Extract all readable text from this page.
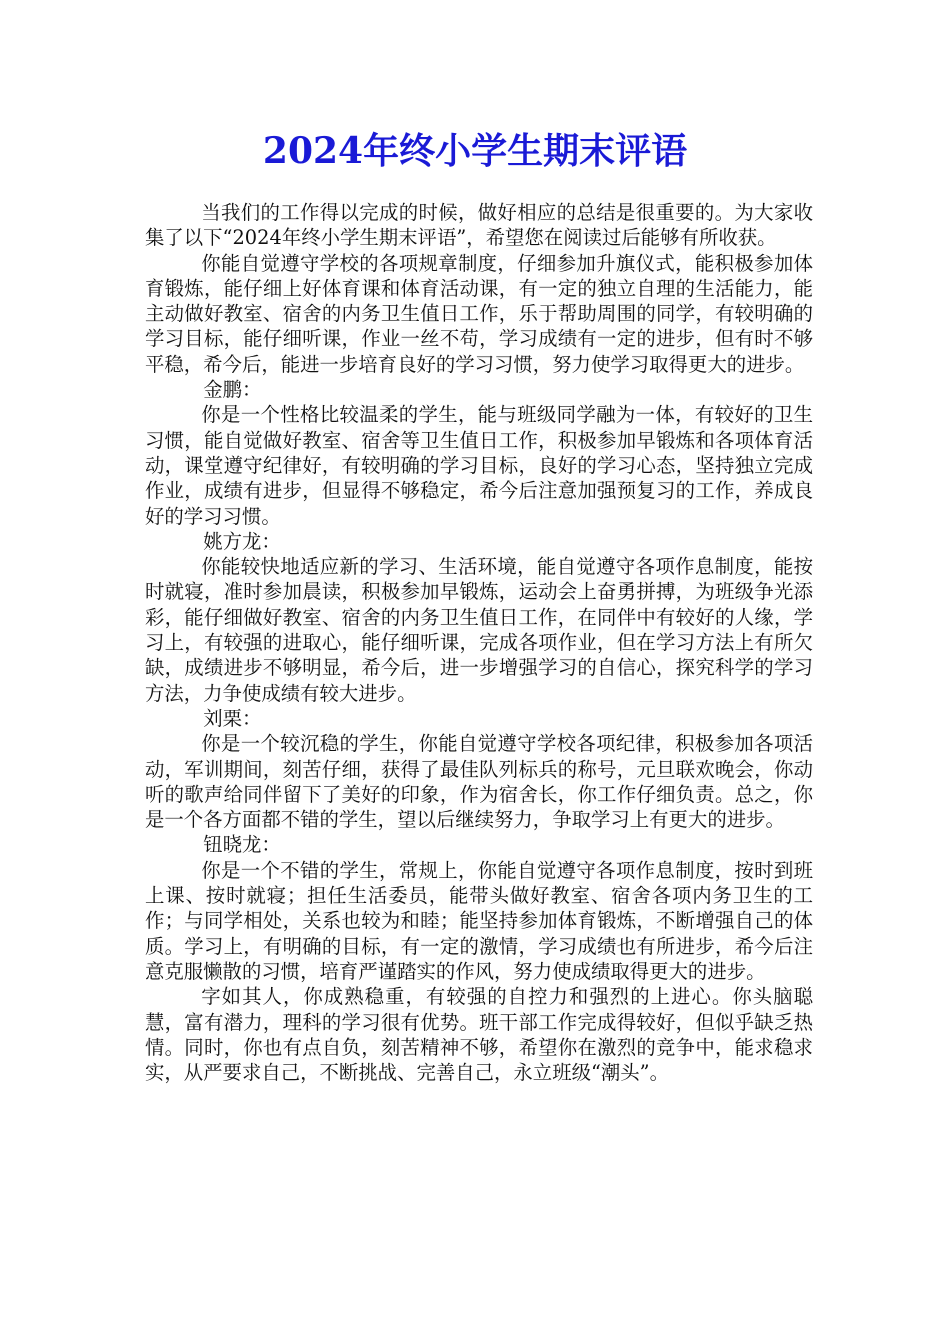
2024年终小学生期末评语

当我们的工作得以完成的时候，做好相应的总结是很重要的。为大家收集了以下“2024年终小学生期末评语”，希望您在阅读过后能够有所收获。

你能自觉遵守学校的各项规章制度，仔细参加升旗仪式，能积极参加体育锻炼，能仔细上好体育课和体育活动课，有一定的独立自理的生活能力，能主动做好教室、宿舍的内务卫生值日工作，乐于帮助周围的同学，有较明确的学习目标，能仔细听课，作业一丝不苟，学习成绩有一定的进步，但有时不够平稳，希今后，能进一步培育良好的学习习惯，努力使学习取得更大的进步。

金鹏：

你是一个性格比较温柔的学生，能与班级同学融为一体，有较好的卫生习惯，能自觉做好教室、宿舍等卫生值日工作，积极参加早锻炼和各项体育活动，课堂遵守纪律好，有较明确的学习目标，良好的学习心态，坚持独立完成作业，成绩有进步，但显得不够稳定，希今后注意加强预复习的工作，养成良好的学习习惯。

姚方龙：

你能较快地适应新的学习、生活环境，能自觉遵守各项作息制度，能按时就寝，准时参加晨读，积极参加早锻炼，运动会上奋勇拼搏，为班级争光添彩，能仔细做好教室、宿舍的内务卫生值日工作，在同伴中有较好的人缘，学习上，有较强的进取心，能仔细听课，完成各项作业，但在学习方法上有所欠缺，成绩进步不够明显，希今后，进一步增强学习的自信心，探究科学的学习方法，力争使成绩有较大进步。

刘栗：

你是一个较沉稳的学生，你能自觉遵守学校各项纪律，积极参加各项活动，军训期间，刻苦仔细，获得了最佳队列标兵的称号，元旦联欢晚会，你动听的歌声给同伴留下了美好的印象，作为宿舍长，你工作仔细负责。总之，你是一个各方面都不错的学生，望以后继续努力，争取学习上有更大的进步。

钮晓龙：

你是一个不错的学生，常规上，你能自觉遵守各项作息制度，按时到班上课、按时就寝；担任生活委员，能带头做好教室、宿舍各项内务卫生的工作；与同学相处，关系也较为和睦；能坚持参加体育锻炼，不断增强自己的体质。学习上，有明确的目标，有一定的激情，学习成绩也有所进步，希今后注意克服懒散的习惯，培育严谨踏实的作风，努力使成绩取得更大的进步。

字如其人，你成熟稳重，有较强的自控力和强烈的上进心。你头脑聪慧，富有潜力，理科的学习很有优势。班干部工作完成得较好，但似乎缺乏热情。同时，你也有点自负，刻苦精神不够，希望你在激烈的竞争中，能求稳求实，从严要求自己，不断挑战、完善自己，永立班级“潮头”。
